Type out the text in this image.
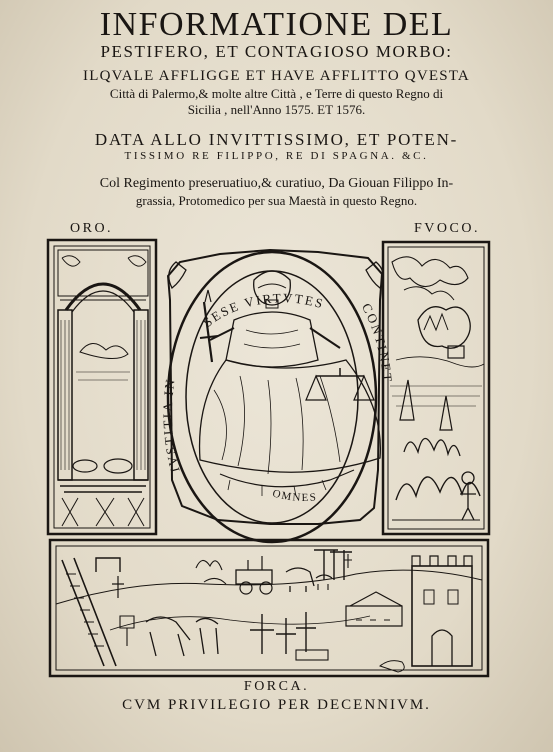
INFORMATIONE DEL
PESTIFERO, ET CONTAGIOSO MORBO:
ILQVALE AFFLIGGE ET HAVE AFFLITTO QVESTA
Città di Palermo,& molte altre Città , e Terre di questo Regno di
Sicilia , nell'Anno 1575. ET 1576.
DATA ALLO INVITTISSIMO, ET POTEN-
TISSIMO RE FILIPPO, RE DI SPAGNA. &C.
Col Regimento preseruatiuo,& curatiuo, Da Giouan Filippo In-
grassia, Protomedico per sua Maestà in questo Regno.
ORO.	FVOCO.
SESE VIRTVTES
IVSTITIA IN
CONTINET
OMNES
FORCA.
CVM PRIVILEGIO PER DECENNIVM.
